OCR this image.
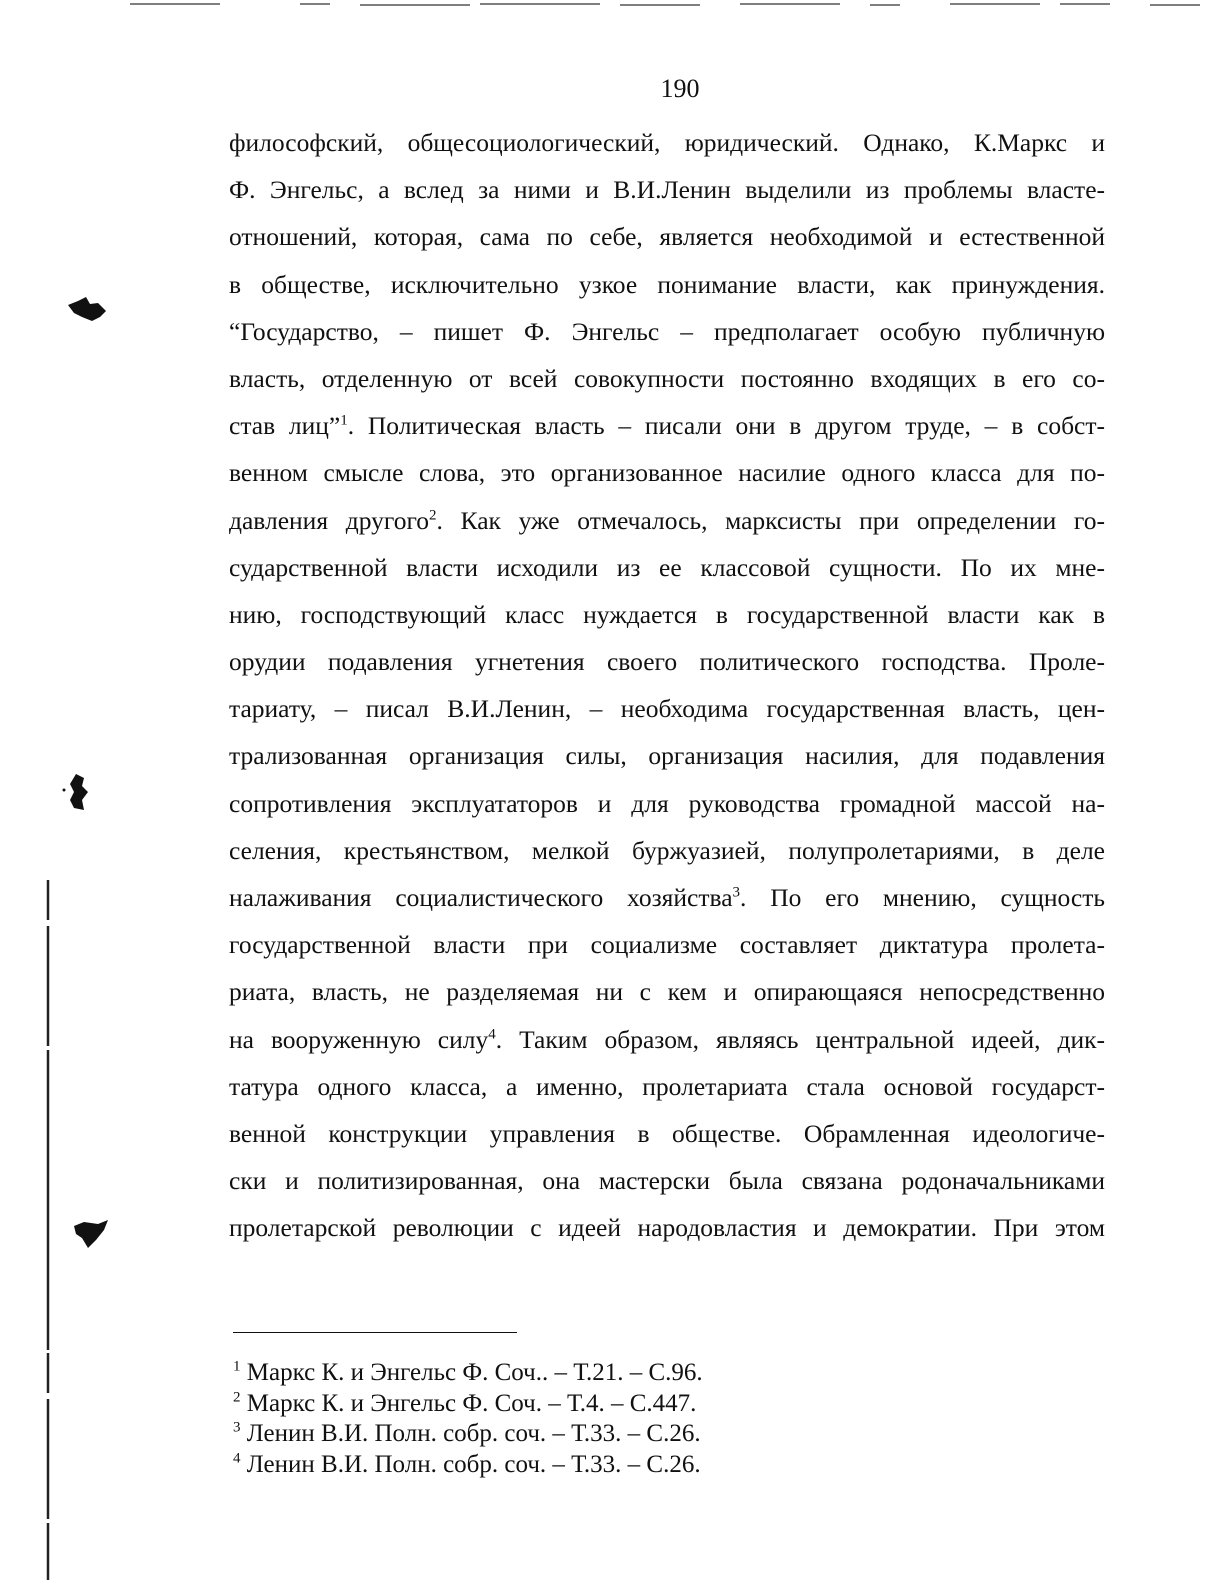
190
философский, общесоциологический, юридический. Однако, К.Маркс и
Ф. Энгельс, а вслед за ними и В.И.Ленин выделили из проблемы власте-
отношений, которая, сама по себе, является необходимой и естественной
в обществе, исключительно узкое понимание власти, как принуждения.
“Государство, – пишет Ф. Энгельс – предполагает особую публичную
власть, отделенную от всей совокупности постоянно входящих в его со-
став лиц”$^1$. Политическая власть – писали они в другом труде, – в собст-
венном смысле слова, это организованное насилие одного класса для по-
давления другого$^2$. Как уже отмечалось, марксисты при определении го-
сударственной власти исходили из ее классовой сущности. По их мне-
нию, господствующий класс нуждается в государственной власти как в
орудии подавления угнетения своего политического господства. Проле-
тариату, – писал В.И.Ленин, – необходима государственная власть, цен-
трализованная организация силы, организация насилия, для подавления
сопротивления эксплуататоров и для руководства громадной массой на-
селения, крестьянством, мелкой буржуазией, полупролетариями, в деле
налаживания социалистического хозяйства$^3$. По его мнению, сущность
государственной власти при социализме составляет диктатура пролета-
риата, власть, не разделяемая ни с кем и опирающаяся непосредственно
на вооруженную силу$^4$. Таким образом, являясь центральной идеей, дик-
татура одного класса, а именно, пролетариата стала основой государст-
венной конструкции управления в обществе. Обрамленная идеологиче-
ски и политизированная, она мастерски была связана родоначальниками
пролетарской революции с идеей народовластия и демократии. При этом
$^1$ Маркс К. и Энгельс Ф. Соч.. – Т.21. – С.96.
$^2$ Маркс К. и Энгельс Ф. Соч. – Т.4. – С.447.
$^3$ Ленин В.И. Полн. собр. соч. – Т.33. – С.26.
$^4$ Ленин В.И. Полн. собр. соч. – Т.33. – С.26.
